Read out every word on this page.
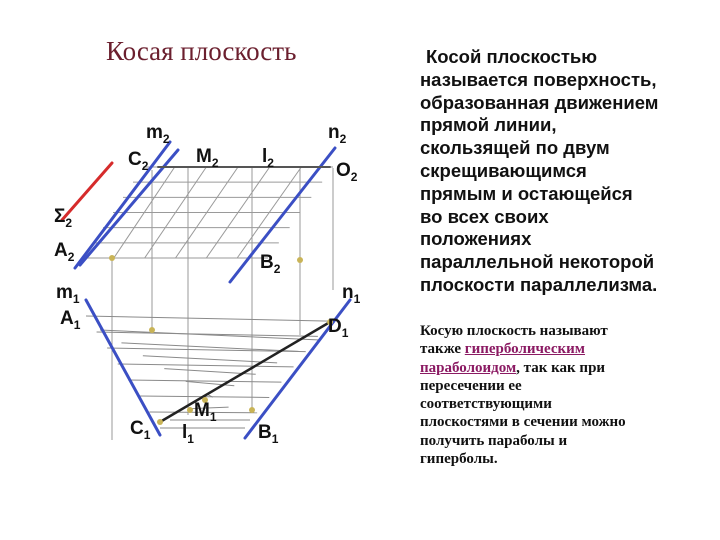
Косая плоскость	Косой плоскостью
называется поверхность,
образованная движением
прямой линии,
скользящей по двум
скрещивающимся
прямым и остающейся
во всех своих
положениях
параллельной некоторой
плоскости параллелизма.
Косую плоскость называют
также гиперболическим
параболоидом, так как при
пересечении ее
соответствующими
плоскостями в сечении можно
получить параболы и
гиперболы.
$m_2$
$C_2$	$M_2$ $l_2$
$n_2$
$O_2$
$\Sigma_2$
$A_2$	$B_2$
$m_1$	$n_1$
$A_1$	$D_1$
$M_1$
$C_1$ $l_1$	$B_1$
